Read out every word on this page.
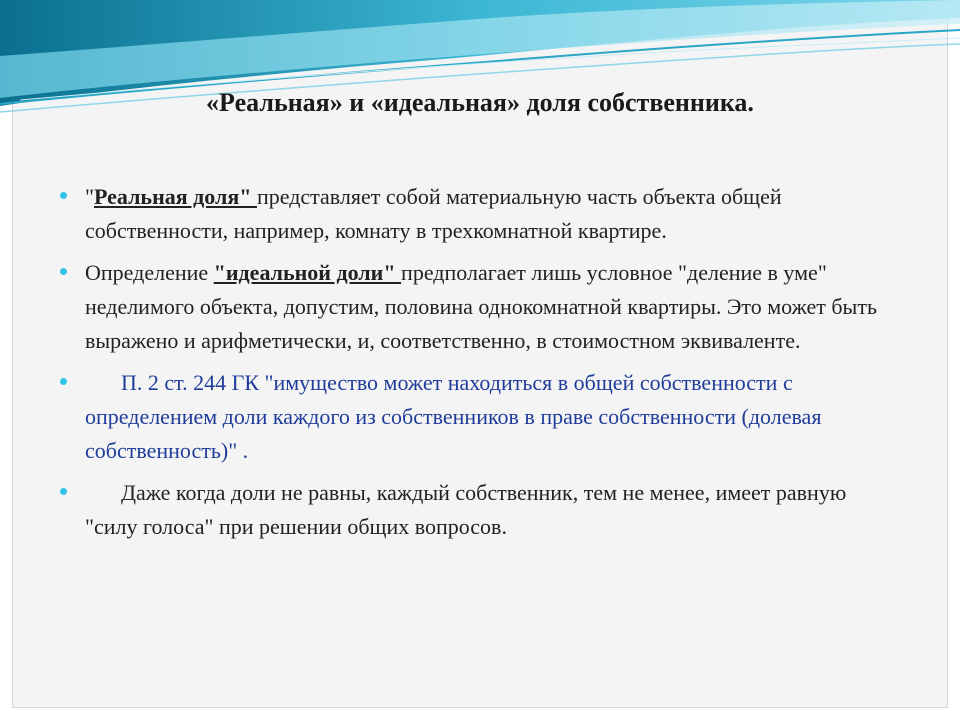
«Реальная» и «идеальная» доля собственника.
"Реальная доля" представляет собой материальную часть объекта общей собственности, например, комнату в трехкомнатной квартире.
Определение "идеальной доли" предполагает лишь условное "деление в уме" неделимого объекта, допустим, половина однокомнатной квартиры. Это может быть выражено и арифметически, и, соответственно, в стоимостном эквиваленте.
П. 2 ст. 244 ГК "имущество может находиться в общей собственности с определением доли каждого из собственников в праве собственности (долевая собственность)" .
Даже когда доли не равны, каждый собственник, тем не менее, имеет равную "силу голоса" при решении общих вопросов.
